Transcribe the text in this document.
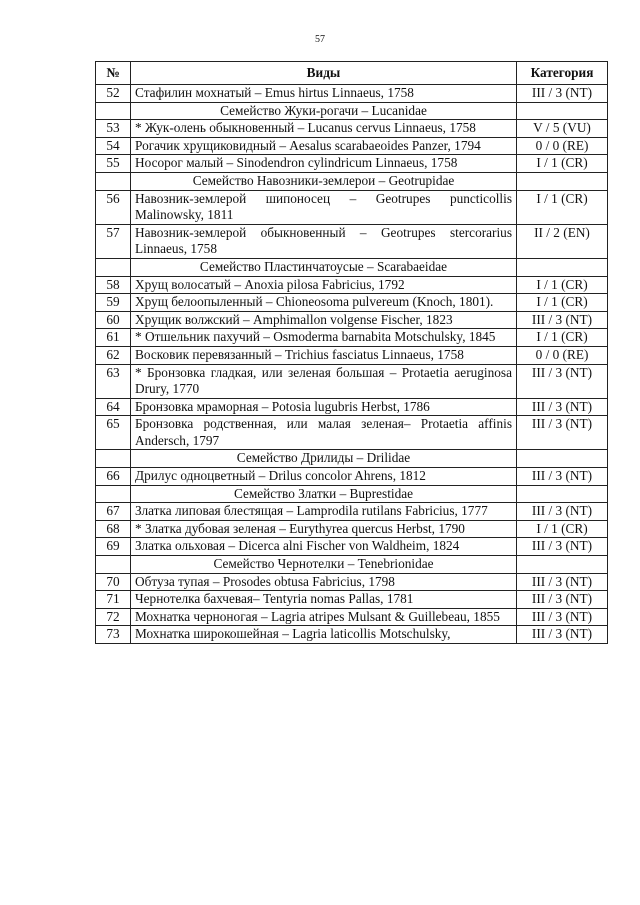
57
№	Виды	Категория
52	Стафилин мохнатый – Emus hirtus Linnaeus, 1758	III / 3 (NT)
	Семейство Жуки-рогачи – Lucanidae	
53	* Жук-олень обыкновенный – Lucanus cervus Linnaeus, 1758	V / 5 (VU)
54	Рогачик хрущиковидный – Aesalus scarabaeoides Panzer, 1794	0 / 0 (RE)
55	Носорог малый – Sinodendron cylindricum Linnaeus, 1758	I / 1 (CR)
	Семейство Навозники-землерои – Geotrupidae	
56	Навозник-землерой шипоносец – Geotrupes puncticollis Malinowsky, 1811	I / 1 (CR)
57	Навозник-землерой обыкновенный – Geotrupes stercorarius Linnaeus, 1758	II / 2 (EN)
	Семейство Пластинчатоусые – Scarabaeidae	
58	Хрущ волосатый – Anoxia pilosa Fabricius, 1792	I / 1 (CR)
59	Хрущ белоопыленный – Chioneosoma pulvereum (Knoch, 1801).	I / 1 (CR)
60	Хрущик волжский – Amphimallon volgense Fischer, 1823	III / 3 (NT)
61	* Отшельник пахучий – Osmoderma barnabita Motschulsky, 1845	I / 1 (CR)
62	Восковик перевязанный – Trichius fasciatus Linnaeus, 1758	0 / 0 (RE)
63	* Бронзовка гладкая, или зеленая большая – Protaetia aeruginosa Drury, 1770	III / 3 (NT)
64	Бронзовка мраморная – Potosia lugubris Herbst, 1786	III / 3 (NT)
65	Бронзовка родственная, или малая зеленая– Protaetia affinis Andersch, 1797	III / 3 (NT)
	Семейство Дрилиды – Drilidae	
66	Дрилус одноцветный – Drilus concolor Ahrens, 1812	III / 3 (NT)
	Семейство Златки – Buprestidae	
67	Златка липовая блестящая – Lamprodila rutilans Fabricius, 1777	III / 3 (NT)
68	* Златка дубовая зеленая – Eurythyrea quercus Herbst, 1790	I / 1 (CR)
69	Златка ольховая – Dicerca alni Fischer von Waldheim, 1824	III / 3 (NT)
	Семейство Чернотелки – Tenebrionidae	
70	Обтуза тупая – Prosodes obtusa Fabricius, 1798	III / 3 (NT)
71	Чернотелка бахчевая– Tentyria nomas Pallas, 1781	III / 3 (NT)
72	Мохнатка черноногая – Lagria atripes Mulsant & Guillebeau, 1855	III / 3 (NT)
73	Мохнатка широкошейная – Lagria laticollis Motschulsky,	III / 3 (NT)
